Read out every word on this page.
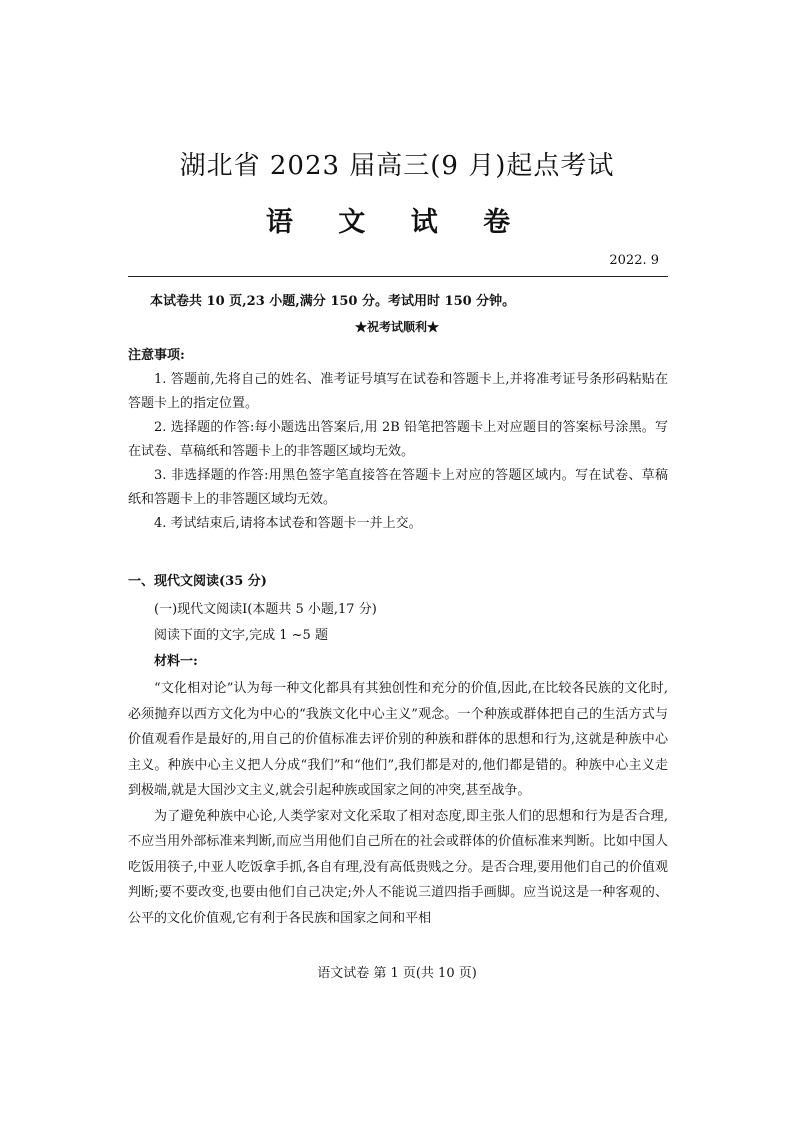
湖北省 2023 届高三(9 月)起点考试
语 文 试 卷
2022. 9
本试卷共 10 页,23 小题,满分 150 分。考试用时 150 分钟。
★祝考试顺利★
注意事项:

1. 答题前,先将自己的姓名、准考证号填写在试卷和答题卡上,并将准考证号条形码粘贴在答题卡上的指定位置。

2. 选择题的作答:每小题选出答案后,用 2B 铅笔把答题卡上对应题目的答案标号涂黑。写在试卷、草稿纸和答题卡上的非答题区域均无效。

3. 非选择题的作答:用黑色签字笔直接答在答题卡上对应的答题区域内。写在试卷、草稿纸和答题卡上的非答题区域均无效。

4. 考试结束后,请将本试卷和答题卡一并上交。

一、现代文阅读(35 分)
(一)现代文阅读Ⅰ(本题共 5 小题,17 分)
阅读下面的文字,完成 1 ~5 题
材料一:

“文化相对论”认为每一种文化都具有其独创性和充分的价值,因此,在比较各民族的文化时,必须抛弃以西方文化为中心的“我族文化中心主义”观念。一个种族或群体把自己的生活方式与价值观看作是最好的,用自己的价值标准去评价别的种族和群体的思想和行为,这就是种族中心主义。种族中心主义把人分成“我们”和“他们”,我们都是对的,他们都是错的。种族中心主义走到极端,就是大国沙文主义,就会引起种族或国家之间的冲突,甚至战争。

为了避免种族中心论,人类学家对文化采取了相对态度,即主张人们的思想和行为是否合理,不应当用外部标准来判断,而应当用他们自己所在的社会或群体的价值标准来判断。比如中国人吃饭用筷子,中亚人吃饭拿手抓,各自有理,没有高低贵贱之分。是否合理,要用他们自己的价值观判断;要不要改变,也要由他们自己决定;外人不能说三道四指手画脚。应当说这是一种客观的、公平的文化价值观,它有利于各民族和国家之间和平相

语文试卷 第 1 页(共 10 页)
